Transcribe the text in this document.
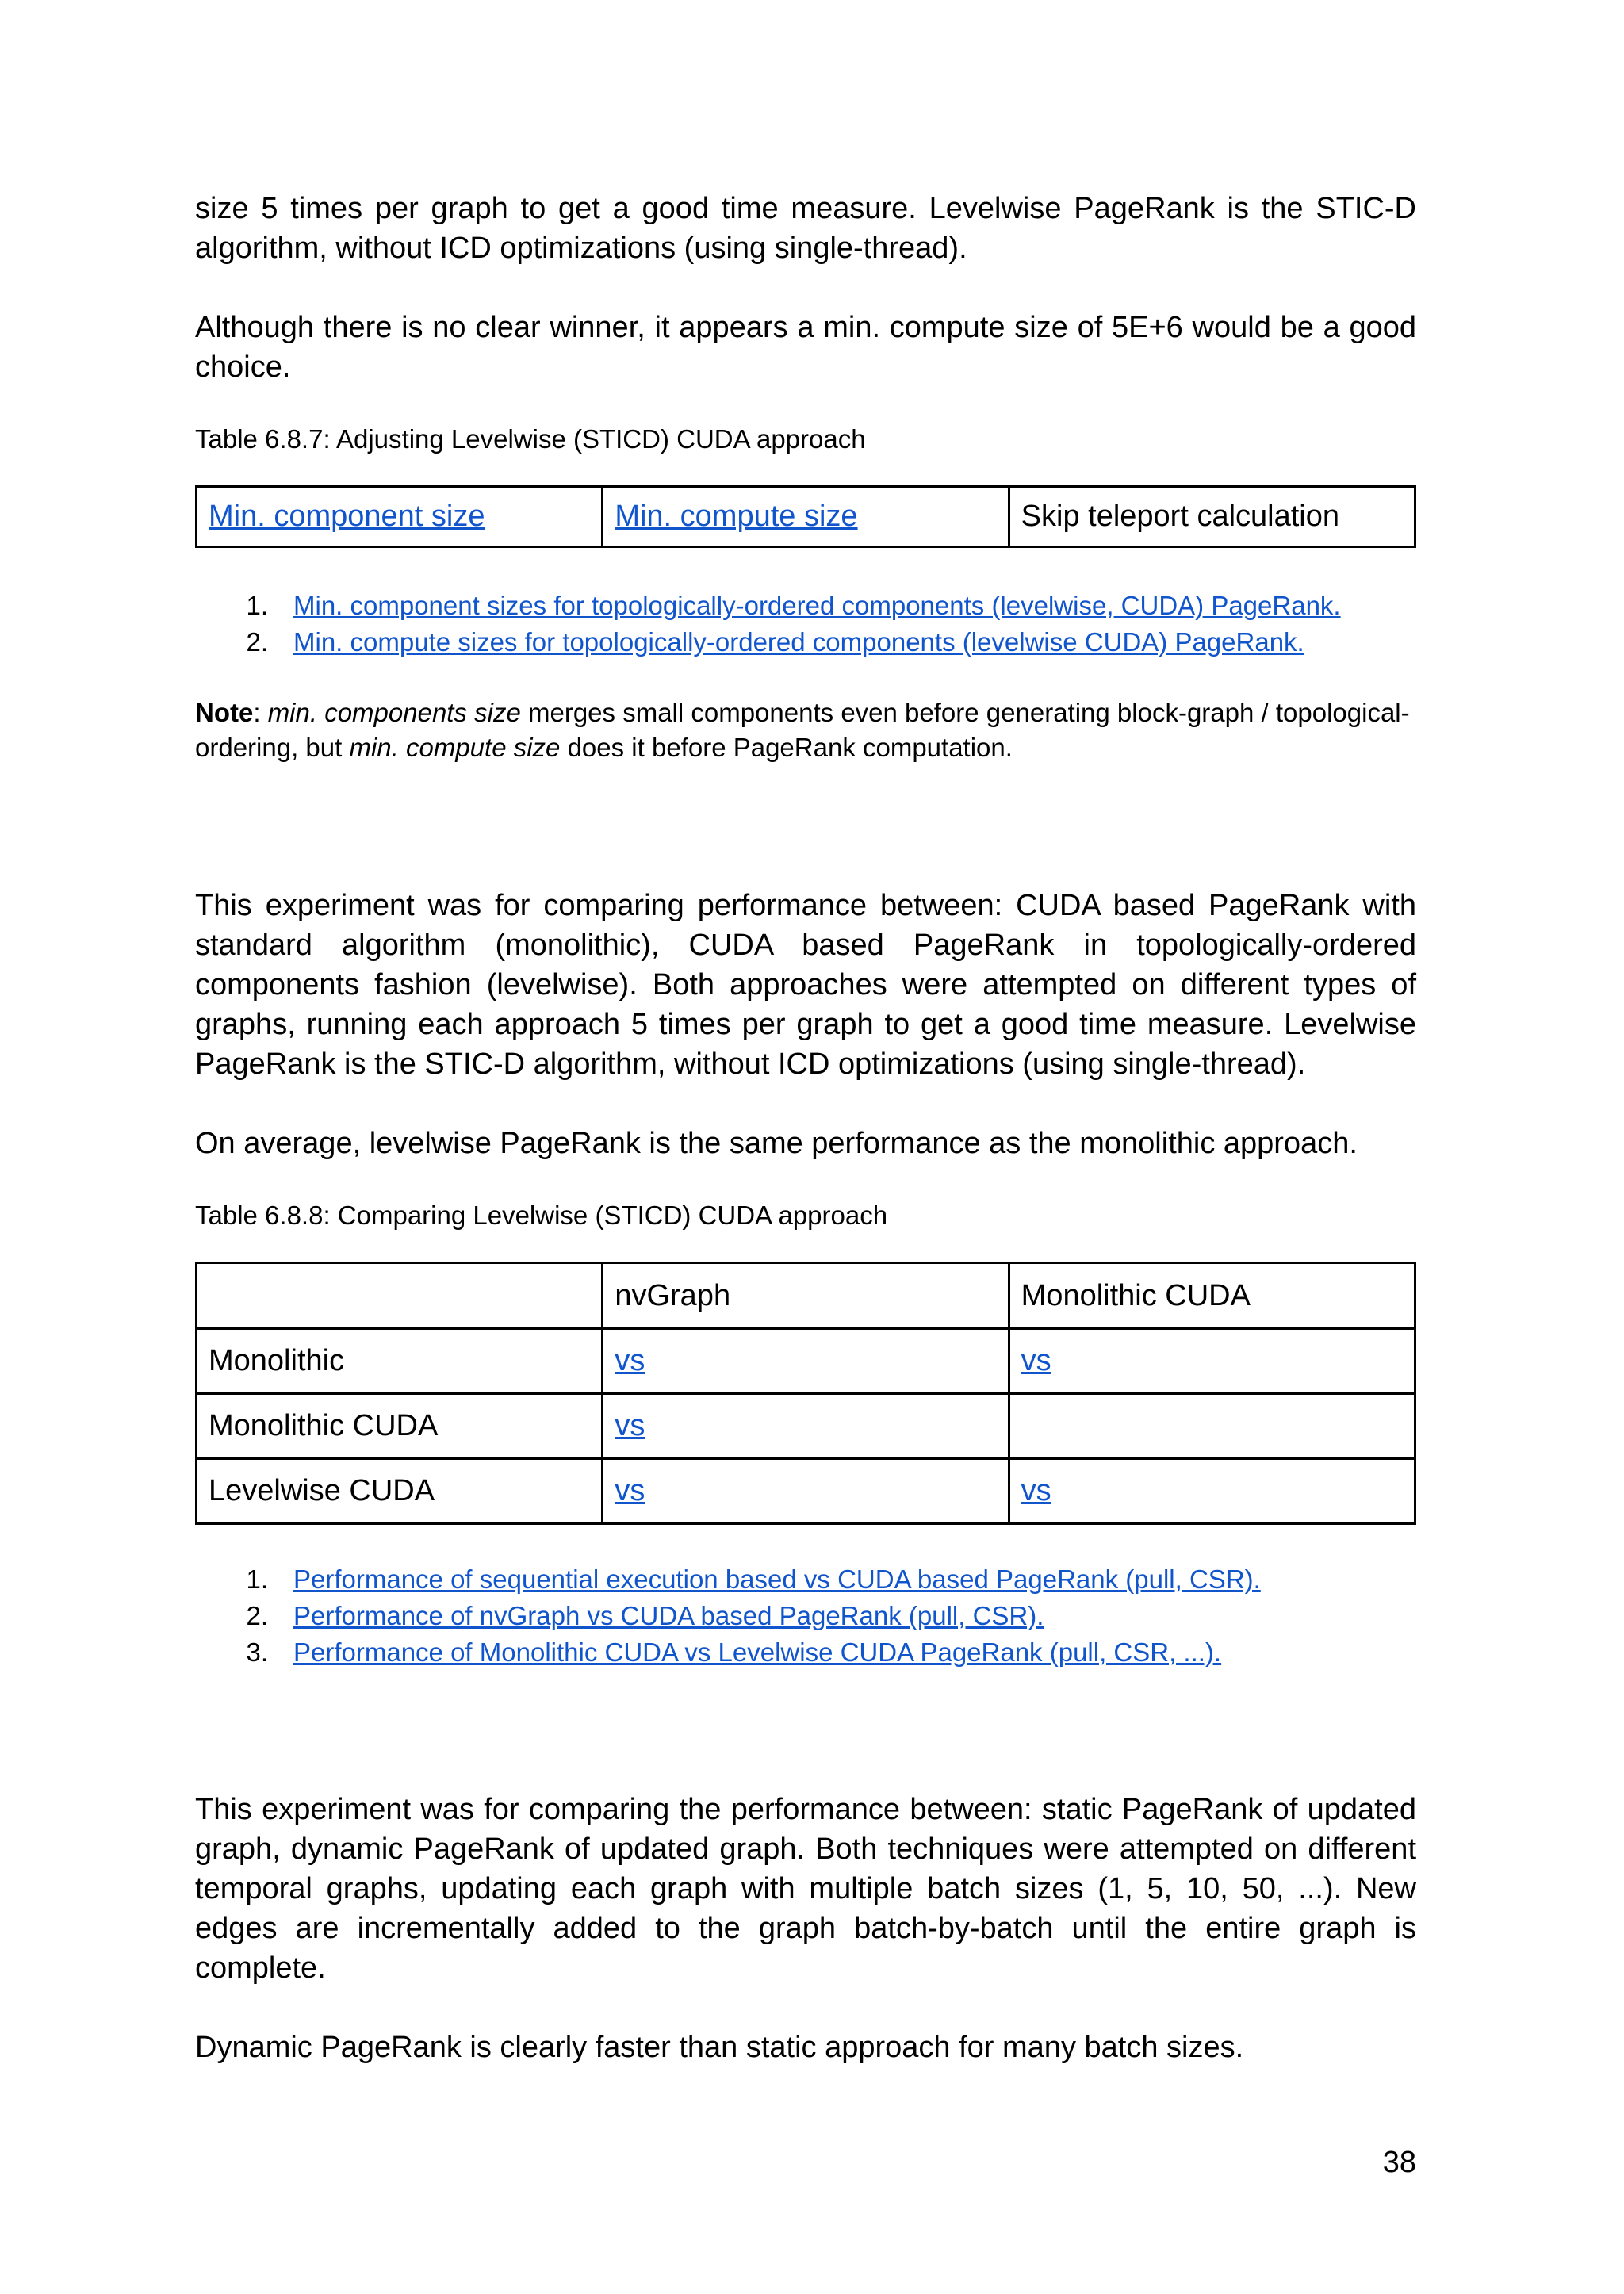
size 5 times per graph to get a good time measure. Levelwise PageRank is the STIC-D algorithm, without ICD optimizations (using single-thread).

Although there is no clear winner, it appears a min. compute size of 5E+6 would be a good choice.

Table 6.8.7: Adjusting Levelwise (STICD) CUDA approach

Min. component size	Min. compute size	Skip teleport calculation
1. Min. component sizes for topologically-ordered components (levelwise, CUDA) PageRank.
2. Min. compute sizes for topologically-ordered components (levelwise CUDA) PageRank.

Note: min. components size merges small components even before generating block-graph / topological-ordering, but min. compute size does it before PageRank computation.

This experiment was for comparing performance between: CUDA based PageRank with standard algorithm (monolithic), CUDA based PageRank in topologically-ordered components fashion (levelwise). Both approaches were attempted on different types of graphs, running each approach 5 times per graph to get a good time measure. Levelwise PageRank is the STIC-D algorithm, without ICD optimizations (using single-thread).

On average, levelwise PageRank is the same performance as the monolithic approach.

Table 6.8.8: Comparing Levelwise (STICD) CUDA approach

	nvGraph	Monolithic CUDA
Monolithic	vs	vs
Monolithic CUDA	vs	
Levelwise CUDA	vs	vs
1. Performance of sequential execution based vs CUDA based PageRank (pull, CSR).
2. Performance of nvGraph vs CUDA based PageRank (pull, CSR).
3. Performance of Monolithic CUDA vs Levelwise CUDA PageRank (pull, CSR, ...).

This experiment was for comparing the performance between: static PageRank of updated graph, dynamic PageRank of updated graph. Both techniques were attempted on different temporal graphs, updating each graph with multiple batch sizes (1, 5, 10, 50, ...). New edges are incrementally added to the graph batch-by-batch until the entire graph is complete.

Dynamic PageRank is clearly faster than static approach for many batch sizes.

38
